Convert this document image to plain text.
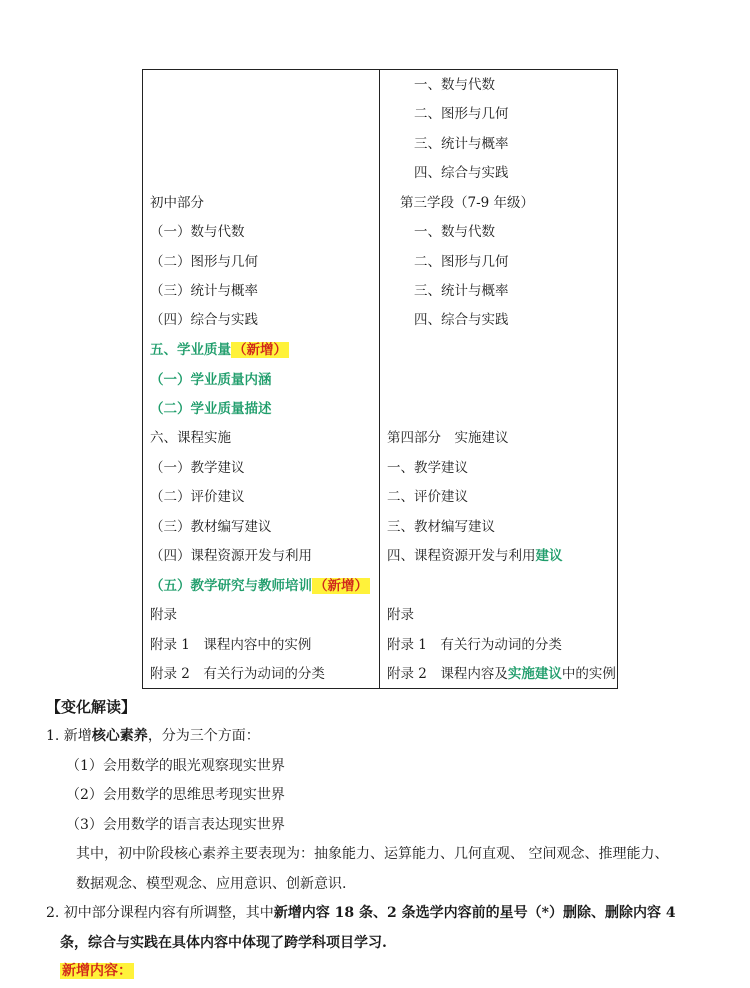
初中部分
（一）数与代数
（二）图形与几何
（三）统计与概率
（四）综合与实践
五、学业质量 （新增）
（一）学业质量内涵
（二）学业质量描述
六、课程实施
（一）教学建议
（二）评价建议
（三）教材编写建议
（四）课程资源开发与利用
（五）教学研究与教师培训 （新增）
附录
附录 1　课程内容中的实例
附录 2　有关行为动词的分类
一、数与代数
二、图形与几何
三、统计与概率
四、综合与实践
第三学段（7-9 年级）
一、数与代数
二、图形与几何
三、统计与概率
四、综合与实践
第四部分　实施建议
一、教学建议
二、评价建议
三、教材编写建议
四、课程资源开发与利用建议
附录
附录 1　有关行为动词的分类
附录 2　课程内容及实施建议中的实例
【变化解读】
1. 新增核心素养，分为三个方面：
（1）会用数学的眼光观察现实世界
（2）会用数学的思维思考现实世界
（3）会用数学的语言表达现实世界
其中，初中阶段核心素养主要表现为：抽象能力、运算能力、几何直观、 空间观念、推理能力、
数据观念、模型观念、应用意识、创新意识.
2. 初中部分课程内容有所调整，其中新增内容 18 条、2 条选学内容前的星号（*）删除、删除内容 4
条，综合与实践在具体内容中体现了跨学科项目学习.
新增内容：
